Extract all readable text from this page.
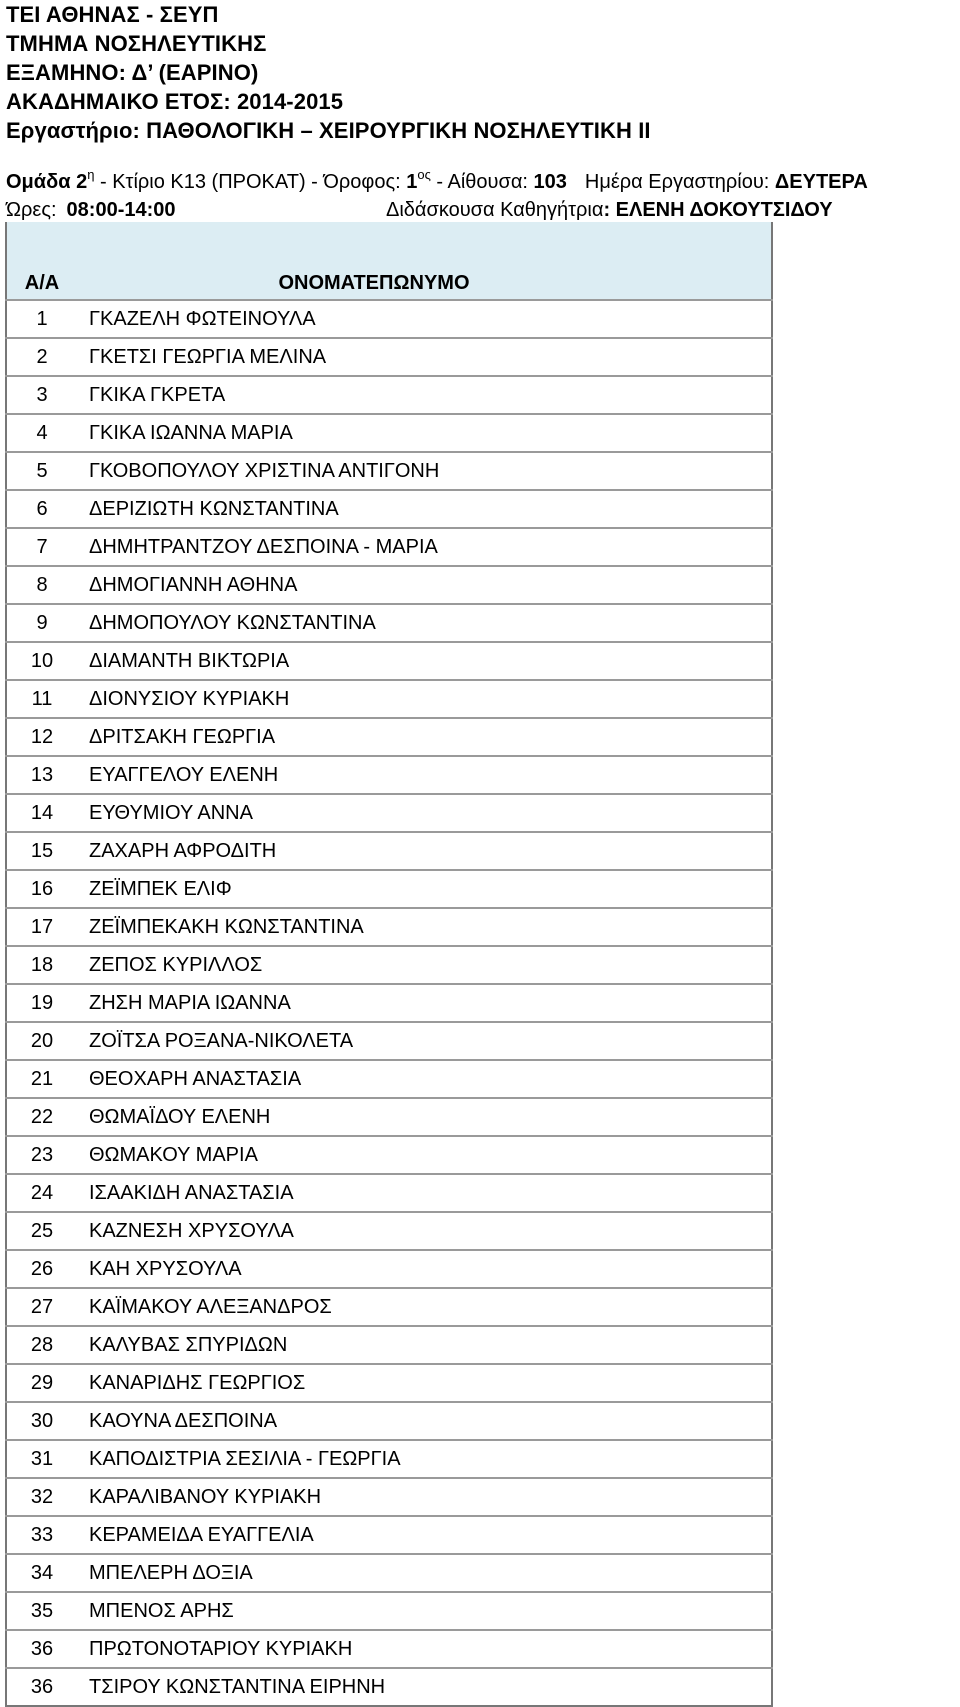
ΤΕΙ ΑΘΗΝΑΣ - ΣΕΥΠ
ΤΜΗΜΑ ΝΟΣΗΛΕΥΤΙΚΗΣ
ΕΞΑΜΗΝΟ: Δ’ (ΕΑΡΙΝΟ)
ΑΚΑΔΗΜΑΙΚΟ ΕΤΟΣ: 2014-2015
Εργαστήριο: ΠΑΘΟΛΟΓΙΚΗ – ΧΕΙΡΟΥΡΓΙΚΗ ΝΟΣΗΛΕΥΤΙΚΗ ΙΙ
Ομάδα $2^\eta$ - Κτίριο Κ13 (ΠΡΟΚΑΤ) - Όροφος: $1^{o\varsigma}$ - Αίθουσα: 103 Ημέρα Εργαστηρίου: ΔΕΥΤΕΡΑ
Ώρες: 08:00-14:00	Διδάσκουσα Καθηγήτρια: ΕΛΕΝΗ ΔΟΚΟΥΤΣΙΔΟΥ
Α/Α	ΟΝΟΜΑΤΕΠΩΝΥΜΟ
1	ΓΚΑΖΕΛΗ ΦΩΤΕΙΝΟΥΛΑ
2	ΓΚΕΤΣΙ ΓΕΩΡΓΙΑ ΜΕΛΙΝΑ
3	ΓΚΙΚΑ ΓΚΡΕΤΑ
4	ΓΚΙΚΑ ΙΩΑΝΝΑ ΜΑΡΙΑ
5	ΓΚΟΒΟΠΟΥΛΟΥ ΧΡΙΣΤΙΝΑ ΑΝΤΙΓΟΝΗ
6	ΔΕΡΙΖΙΩΤΗ ΚΩΝΣΤΑΝΤΙΝΑ
7	ΔΗΜΗΤΡΑΝΤΖΟΥ ΔΕΣΠΟΙΝΑ - ΜΑΡΙΑ
8	ΔΗΜΟΓΙΑΝΝΗ ΑΘΗΝΑ
9	ΔΗΜΟΠΟΥΛΟΥ ΚΩΝΣΤΑΝΤΙΝΑ
10	ΔΙΑΜΑΝΤΗ ΒΙΚΤΩΡΙΑ
11	ΔΙΟΝΥΣΙΟΥ ΚΥΡΙΑΚΗ
12	ΔΡΙΤΣΑΚΗ ΓΕΩΡΓΙΑ
13	ΕΥΑΓΓΕΛΟΥ ΕΛΕΝΗ
14	ΕΥΘΥΜΙΟΥ ΑΝΝΑ
15	ΖΑΧΑΡΗ ΑΦΡΟΔΙΤΗ
16	ΖΕΪΜΠΕΚ ΕΛΙΦ
17	ΖΕΪΜΠΕΚΑΚΗ ΚΩΝΣΤΑΝΤΙΝΑ
18	ΖΕΠΟΣ ΚΥΡΙΛΛΟΣ
19	ΖΗΣΗ ΜΑΡΙΑ ΙΩΑΝΝΑ
20	ΖΟΪΤΣΑ ΡΟΞΑΝΑ-ΝΙΚΟΛΕΤΑ
21	ΘΕΟΧΑΡΗ ΑΝΑΣΤΑΣΙΑ
22	ΘΩΜΑΪΔΟΥ ΕΛΕΝΗ
23	ΘΩΜΑΚΟΥ ΜΑΡΙΑ
24	ΙΣΑΑΚΙΔΗ ΑΝΑΣΤΑΣΙΑ
25	ΚΑΖΝΕΣΗ ΧΡΥΣΟΥΛΑ
26	ΚΑΗ ΧΡΥΣΟΥΛΑ
27	ΚΑΪΜΑΚΟΥ ΑΛΕΞΑΝΔΡΟΣ
28	ΚΑΛΥΒΑΣ ΣΠΥΡΙΔΩΝ
29	ΚΑΝΑΡΙΔΗΣ ΓΕΩΡΓΙΟΣ
30	ΚΑΟΥΝΑ ΔΕΣΠΟΙΝΑ
31	ΚΑΠΟΔΙΣΤΡΙΑ ΣΕΣΙΛΙΑ - ΓΕΩΡΓΙΑ
32	ΚΑΡΑΛΙΒΑΝΟΥ ΚΥΡΙΑΚΗ
33	ΚΕΡΑΜΕΙΔΑ ΕΥΑΓΓΕΛΙΑ
34	ΜΠΕΛΕΡΗ ΔΟΞΙΑ
35	ΜΠΕΝΟΣ ΑΡΗΣ
36	ΠΡΩΤΟΝΟΤΑΡΙΟΥ ΚΥΡΙΑΚΗ
36	ΤΣΙΡΟΥ ΚΩΝΣΤΑΝΤΙΝΑ ΕΙΡΗΝΗ
